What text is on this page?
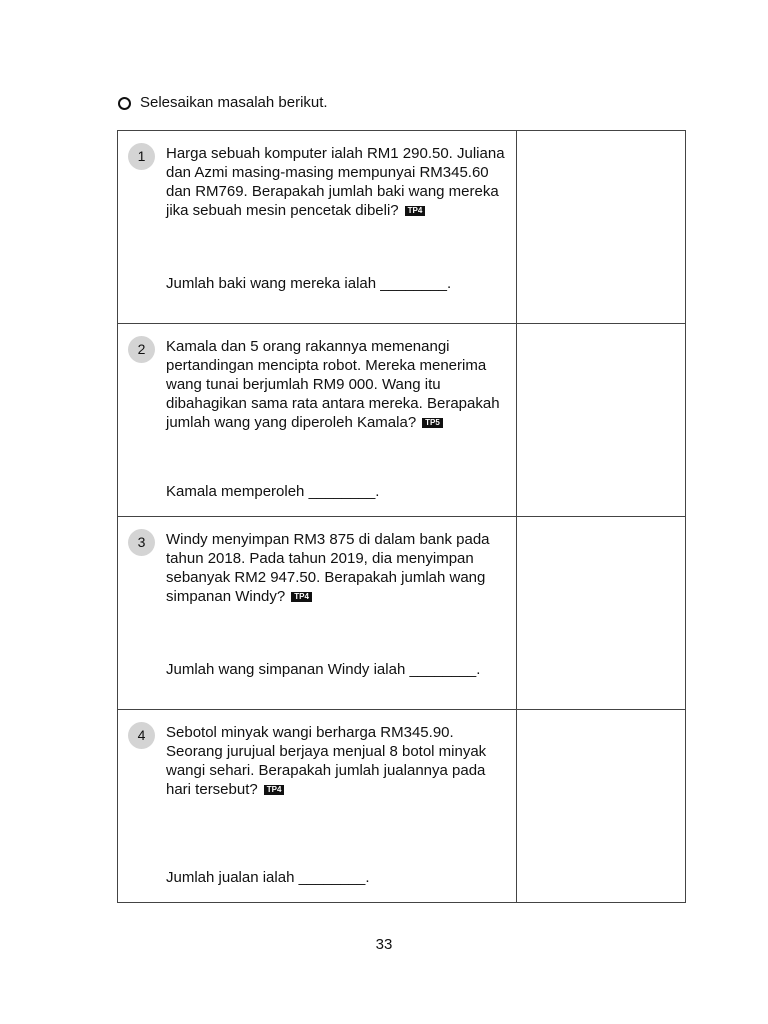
Selesaikan masalah berikut.
1 Harga sebuah komputer ialah RM1 290.50. Juliana dan Azmi masing-masing mempunyai RM345.60 dan RM769. Berapakah jumlah baki wang mereka jika sebuah mesin pencetak dibeli? TP4
Jumlah baki wang mereka ialah ________.	

2 Kamala dan 5 orang rakannya memenangi pertandingan mencipta robot. Mereka menerima wang tunai berjumlah RM9 000. Wang itu dibahagikan sama rata antara mereka. Berapakah jumlah wang yang diperoleh Kamala? TP5
Kamala memperoleh ________.	

3 Windy menyimpan RM3 875 di dalam bank pada tahun 2018. Pada tahun 2019, dia menyimpan sebanyak RM2 947.50. Berapakah jumlah wang simpanan Windy? TP4
Jumlah wang simpanan Windy ialah ________.	

4 Sebotol minyak wangi berharga RM345.90. Seorang jurujual berjaya menjual 8 botol minyak wangi sehari. Berapakah jumlah jualannya pada hari tersebut? TP4
Jumlah jualan ialah ________.	

33
